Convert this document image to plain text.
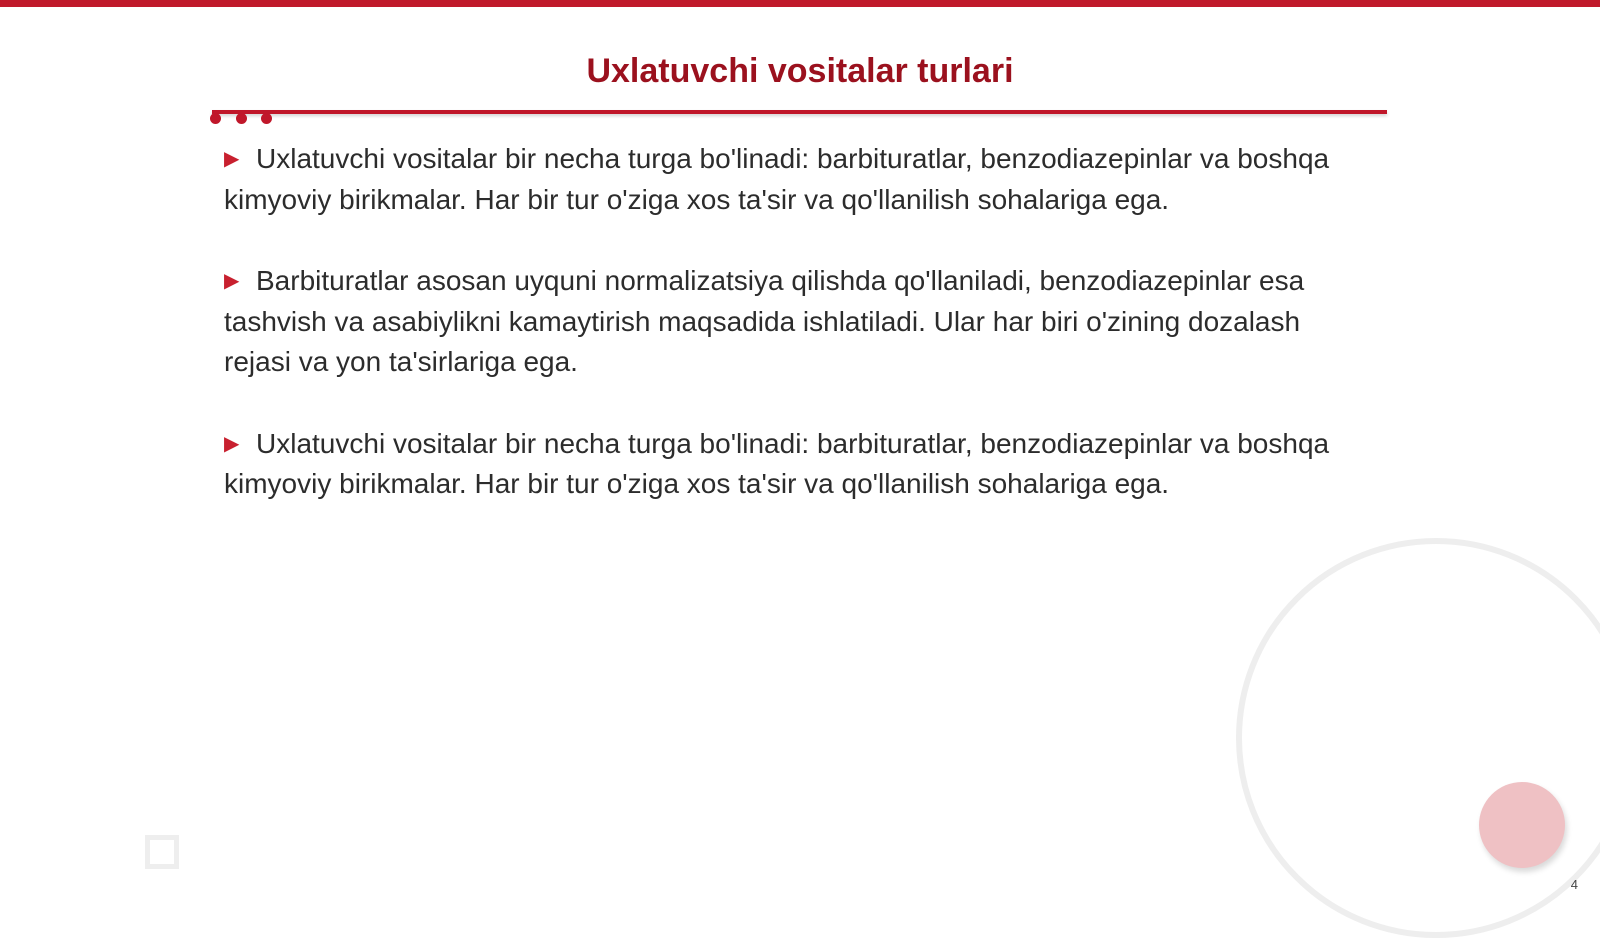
Uxlatuvchi vositalar turlari

▶ Uxlatuvchi vositalar bir necha turga bo'linadi: barbituratlar, benzodiazepinlar va boshqa kimyoviy birikmalar. Har bir tur o'ziga xos ta'sir va qo'llanilish sohalariga ega.

▶ Barbituratlar asosan uyquni normalizatsiya qilishda qo'llaniladi, benzodiazepinlar esa tashvish va asabiylikni kamaytirish maqsadida ishlatiladi. Ular har biri o'zining dozalash rejasi va yon ta'sirlariga ega.

▶ Uxlatuvchi vositalar bir necha turga bo'linadi: barbituratlar, benzodiazepinlar va boshqa kimyoviy birikmalar. Har bir tur o'ziga xos ta'sir va qo'llanilish sohalariga ega.

4
